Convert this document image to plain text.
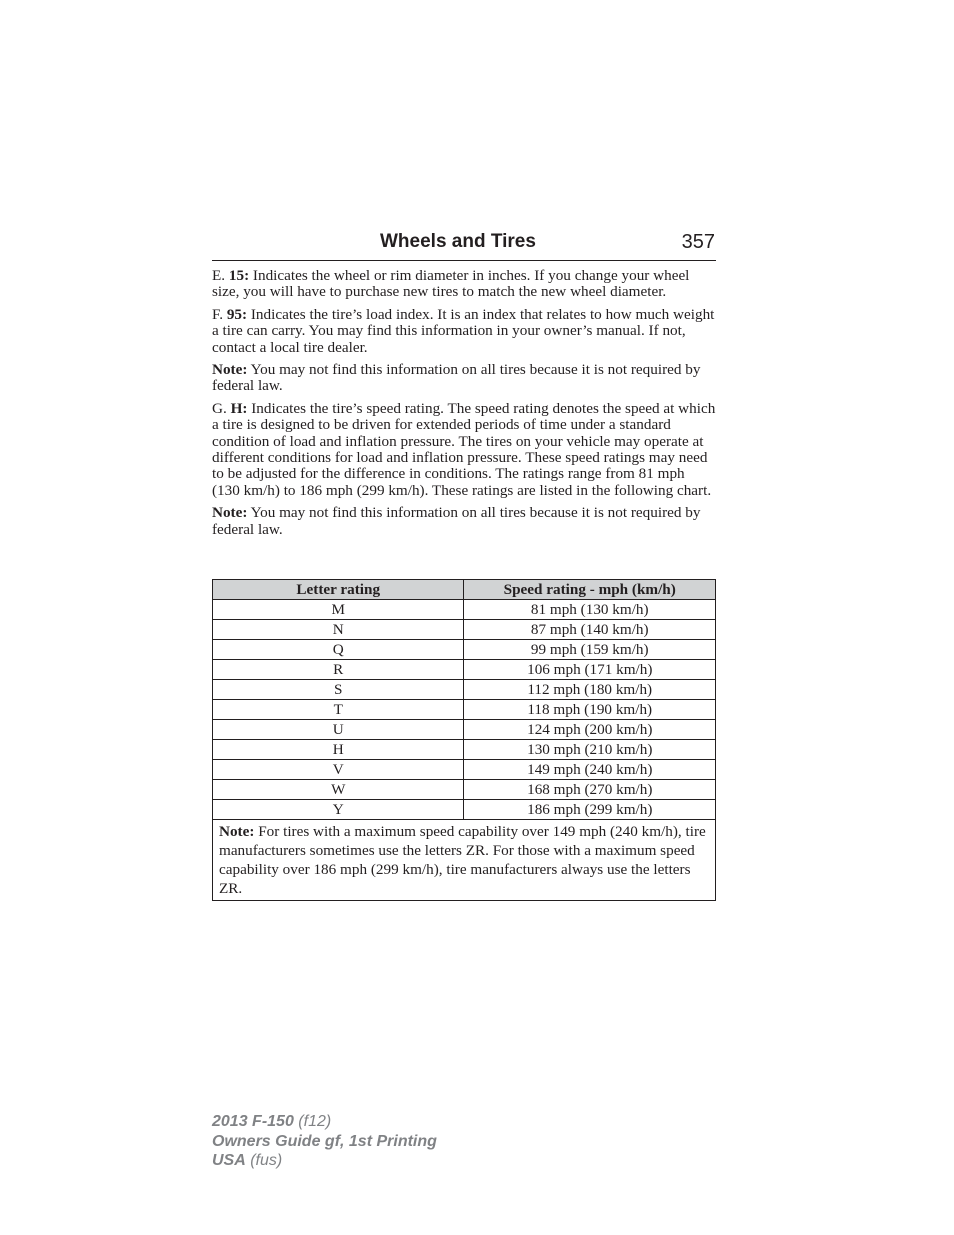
Wheels and Tires	357

E. 15: Indicates the wheel or rim diameter in inches. If you change your wheel size, you will have to purchase new tires to match the new wheel diameter.

F. 95: Indicates the tire’s load index. It is an index that relates to how much weight a tire can carry. You may find this information in your owner’s manual. If not, contact a local tire dealer.

Note: You may not find this information on all tires because it is not required by federal law.

G. H: Indicates the tire’s speed rating. The speed rating denotes the speed at which a tire is designed to be driven for extended periods of time under a standard condition of load and inflation pressure. The tires on your vehicle may operate at different conditions for load and inflation pressure. These speed ratings may need to be adjusted for the difference in conditions. The ratings range from 81 mph (130 km/h) to 186 mph (299 km/h). These ratings are listed in the following chart.

Note: You may not find this information on all tires because it is not required by federal law.

Letter rating	Speed rating - mph (km/h)
M	81 mph (130 km/h)
N	87 mph (140 km/h)
Q	99 mph (159 km/h)
R	106 mph (171 km/h)
S	112 mph (180 km/h)
T	118 mph (190 km/h)
U	124 mph (200 km/h)
H	130 mph (210 km/h)
V	149 mph (240 km/h)
W	168 mph (270 km/h)
Y	186 mph (299 km/h)
Note: For tires with a maximum speed capability over 149 mph (240 km/h), tire manufacturers sometimes use the letters ZR. For those with a maximum speed capability over 186 mph (299 km/h), tire manufacturers always use the letters ZR.	
2013 F-150 (f12)
Owners Guide gf, 1st Printing
USA (fus)
